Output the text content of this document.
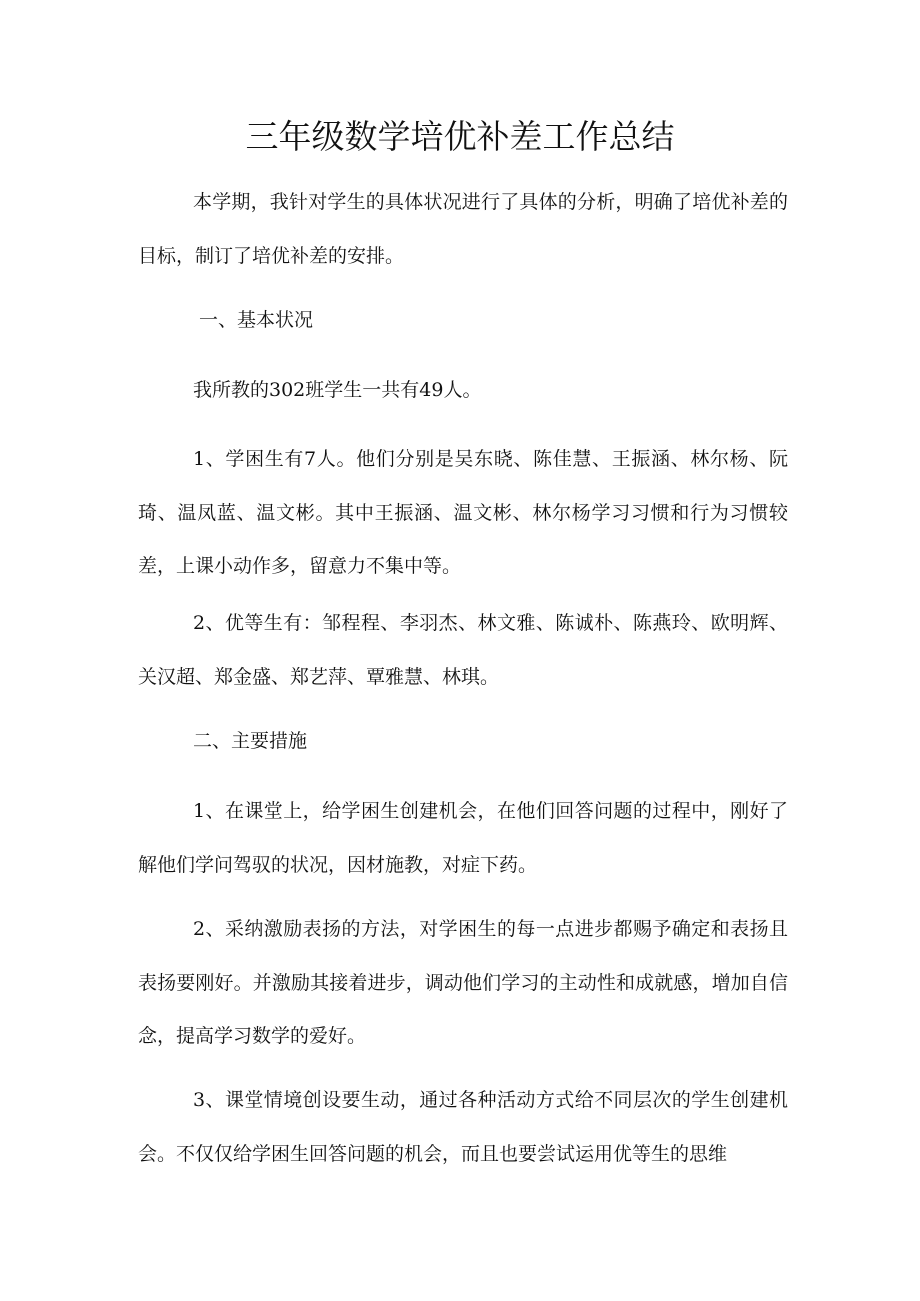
三年级数学培优补差工作总结

本学期，我针对学生的具体状况进行了具体的分析，明确了培优补差的目标，制订了培优补差的安排。

一、基本状况

我所教的302班学生一共有49人。

1、学困生有7人。他们分别是吴东晓、陈佳慧、王振涵、林尔杨、阮琦、温凤蓝、温文彬。其中王振涵、温文彬、林尔杨学习习惯和行为习惯较差，上课小动作多，留意力不集中等。

2、优等生有：邹程程、李羽杰、林文雅、陈诚朴、陈燕玲、欧明辉、关汉超、郑金盛、郑艺萍、覃雅慧、林琪。

二、主要措施

1、在课堂上，给学困生创建机会，在他们回答问题的过程中，刚好了解他们学问驾驭的状况，因材施教，对症下药。

2、采纳激励表扬的方法，对学困生的每一点进步都赐予确定和表扬且表扬要刚好。并激励其接着进步，调动他们学习的主动性和成就感，增加自信念，提高学习数学的爱好。

3、课堂情境创设要生动，通过各种活动方式给不同层次的学生创建机会。不仅仅给学困生回答问题的机会，而且也要尝试运用优等生的思维
